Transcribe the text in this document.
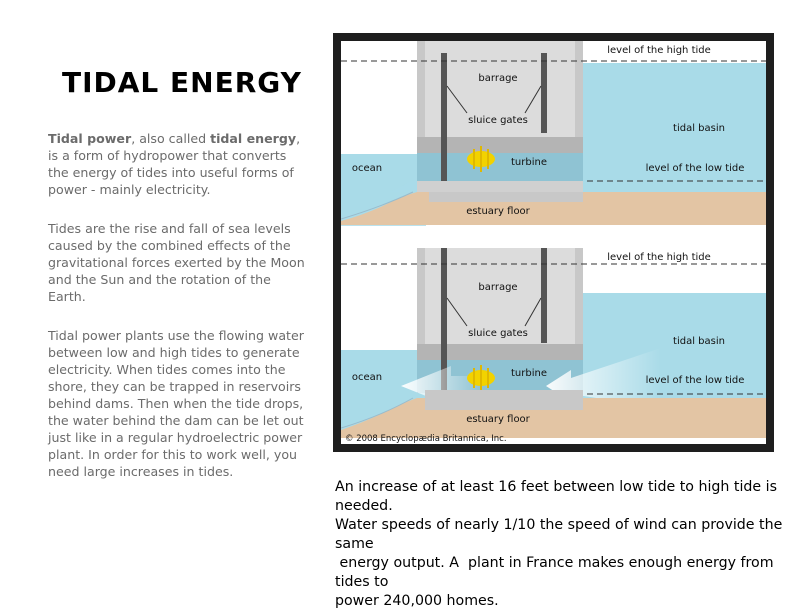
TIDAL ENERGY

Tidal power, also called tidal energy, is a form of hydropower that converts the energy of tides into useful forms of power - mainly electricity.

Tides are the rise and fall of sea levels caused by the combined effects of the gravitational forces exerted by the Moon and the Sun and the rotation of the Earth.

Tidal power plants use the flowing water between low and high tides to generate electricity. When tides comes into the shore, they can be trapped in reservoirs behind dams. Then when the tide drops, the water behind the dam can be let out just like in a regular hydroelectric power plant. In order for this to work well, you need large increases in tides.

level of the high tide
barrage
sluice gates
turbine
ocean
tidal basin
level of the low tide
estuary floor
level of the high tide
barrage
sluice gates
turbine
ocean
tidal basin
level of the low tide
estuary floor
© 2008 Encyclopædia Britannica, Inc.
An increase of at least 16 feet between low tide to high tide is
needed.
Water speeds of nearly 1/10 the speed of wind can provide the
same
energy output. A  plant in France makes enough energy from
tides to
power 240,000 homes.
